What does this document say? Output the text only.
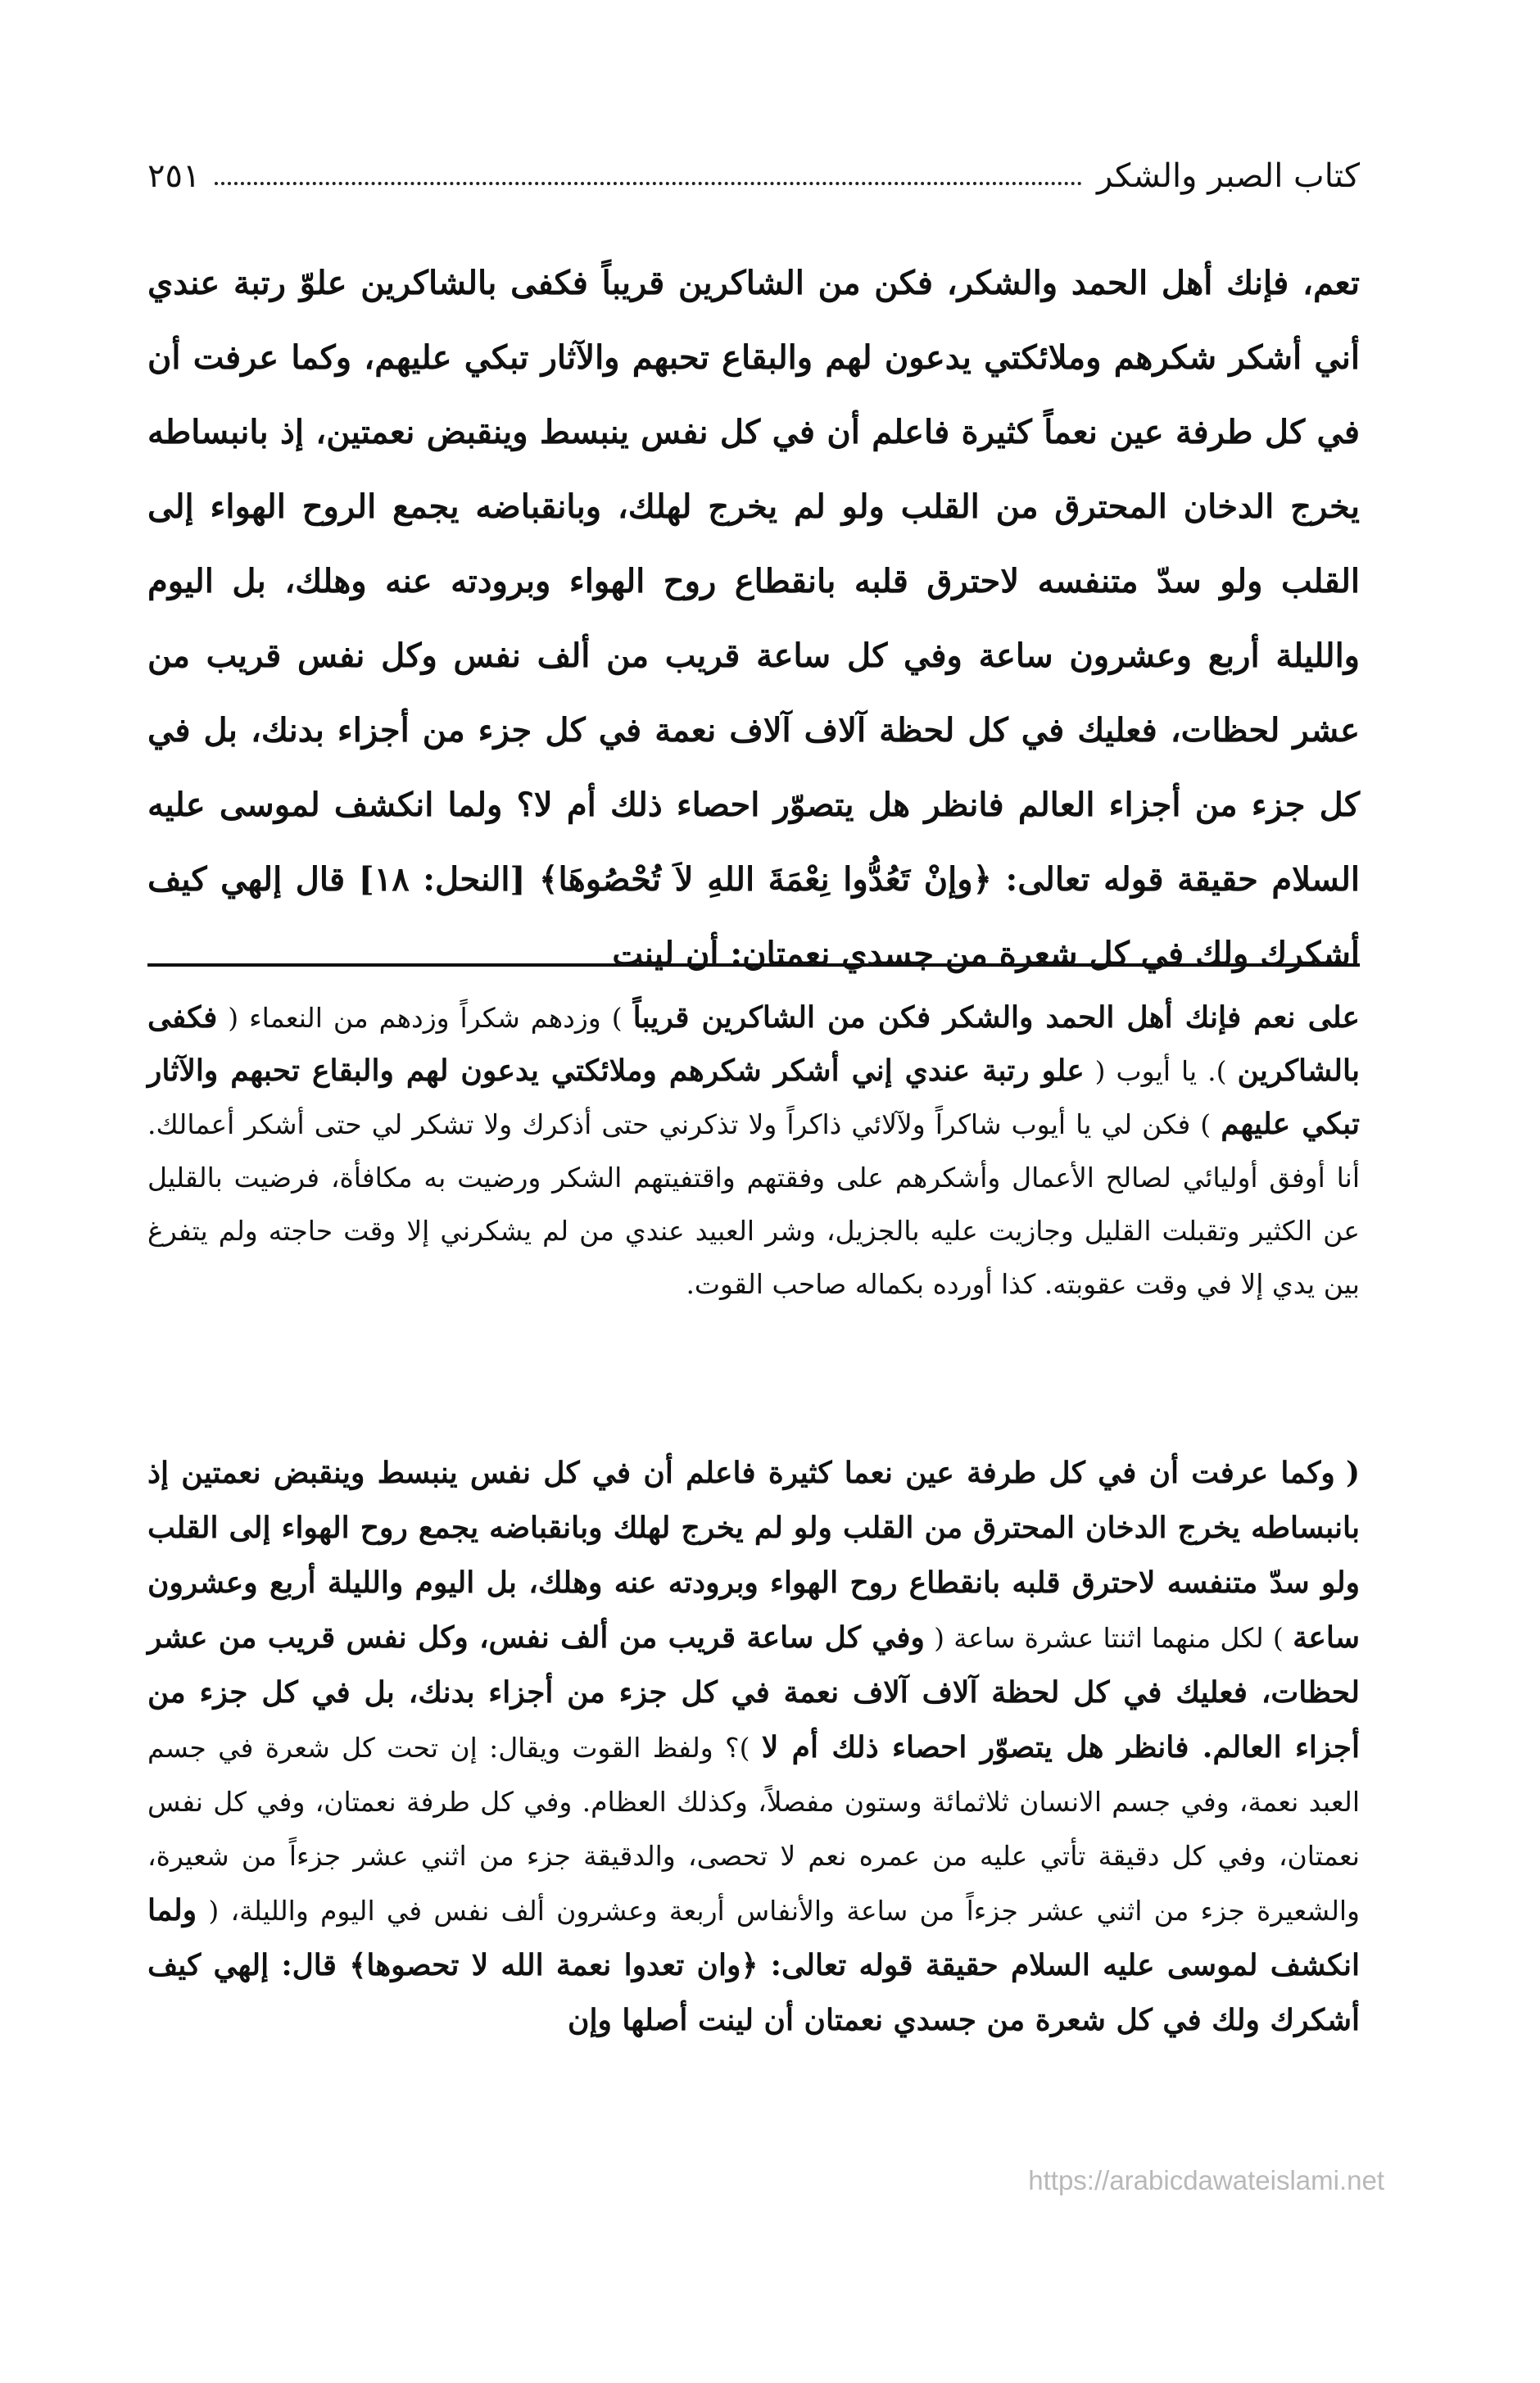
كتاب الصبر والشكر
٢٥١

تعم، فإنك أهل الحمد والشكر، فكن من الشاكرين قريباً فكفى بالشاكرين علوّ رتبة عندي أني أشكر شكرهم وملائكتي يدعون لهم والبقاع تحبهم والآثار تبكي عليهم، وكما عرفت أن في كل طرفة عين نعماً كثيرة فاعلم أن في كل نفس ينبسط وينقبض نعمتين، إذ بانبساطه يخرج الدخان المحترق من القلب ولو لم يخرج لهلك، وبانقباضه يجمع الروح الهواء إلى القلب ولو سدّ متنفسه لاحترق قلبه بانقطاع روح الهواء وبرودته عنه وهلك، بل اليوم والليلة أربع وعشرون ساعة وفي كل ساعة قريب من ألف نفس وكل نفس قريب من عشر لحظات، فعليك في كل لحظة آلاف آلاف نعمة في كل جزء من أجزاء بدنك، بل في كل جزء من أجزاء العالم فانظر هل يتصوّر احصاء ذلك أم لا؟ ولما انكشف لموسى عليه السلام حقيقة قوله تعالى: ﴿وإنْ تَعُدُّوا نِعْمَةَ اللهِ لاَ تُحْصُوهَا﴾ [النحل: ١٨] قال إلهي كيف أشكرك ولك في كل شعرة من جسدي نعمتان: أن لينت

على نعم فإنك أهل الحمد والشكر فكن من الشاكرين قريباً ) وزدهم شكراً وزدهم من النعماء ( فكفى بالشاكرين ). يا أيوب ( علو رتبة عندي إني أشكر شكرهم وملائكتي يدعون لهم والبقاع تحبهم والآثار تبكي عليهم ) فكن لي يا أيوب شاكراً ولآلائي ذاكراً ولا تذكرني حتى أذكرك ولا تشكر لي حتى أشكر أعمالك. أنا أوفق أوليائي لصالح الأعمال وأشكرهم على وفقتهم واقتفيتهم الشكر ورضيت به مكافأة، فرضيت بالقليل عن الكثير وتقبلت القليل وجازيت عليه بالجزيل، وشر العبيد عندي من لم يشكرني إلا وقت حاجته ولم يتفرغ بين يدي إلا في وقت عقوبته. كذا أورده بكماله صاحب القوت.

( وكما عرفت أن في كل طرفة عين نعما كثيرة فاعلم أن في كل نفس ينبسط وينقبض نعمتين إذ بانبساطه يخرج الدخان المحترق من القلب ولو لم يخرج لهلك وبانقباضه يجمع روح الهواء إلى القلب ولو سدّ متنفسه لاحترق قلبه بانقطاع روح الهواء وبرودته عنه وهلك، بل اليوم والليلة أربع وعشرون ساعة ) لكل منهما اثنتا عشرة ساعة ( وفي كل ساعة قريب من ألف نفس، وكل نفس قريب من عشر لحظات، فعليك في كل لحظة آلاف آلاف نعمة في كل جزء من أجزاء بدنك، بل في كل جزء من أجزاء العالم. فانظر هل يتصوّر احصاء ذلك أم لا )؟ ولفظ القوت ويقال: إن تحت كل شعرة في جسم العبد نعمة، وفي جسم الانسان ثلاثمائة وستون مفصلاً، وكذلك العظام. وفي كل طرفة نعمتان، وفي كل نفس نعمتان، وفي كل دقيقة تأتي عليه من عمره نعم لا تحصى، والدقيقة جزء من اثني عشر جزءاً من شعيرة، والشعيرة جزء من اثني عشر جزءاً من ساعة والأنفاس أربعة وعشرون ألف نفس في اليوم والليلة، ( ولما انكشف لموسى عليه السلام حقيقة قوله تعالى: ﴿وان تعدوا نعمة الله لا تحصوها﴾ قال: إلهي كيف أشكرك ولك في كل شعرة من جسدي نعمتان أن لينت أصلها وإن

https://arabicdawateislami.net
